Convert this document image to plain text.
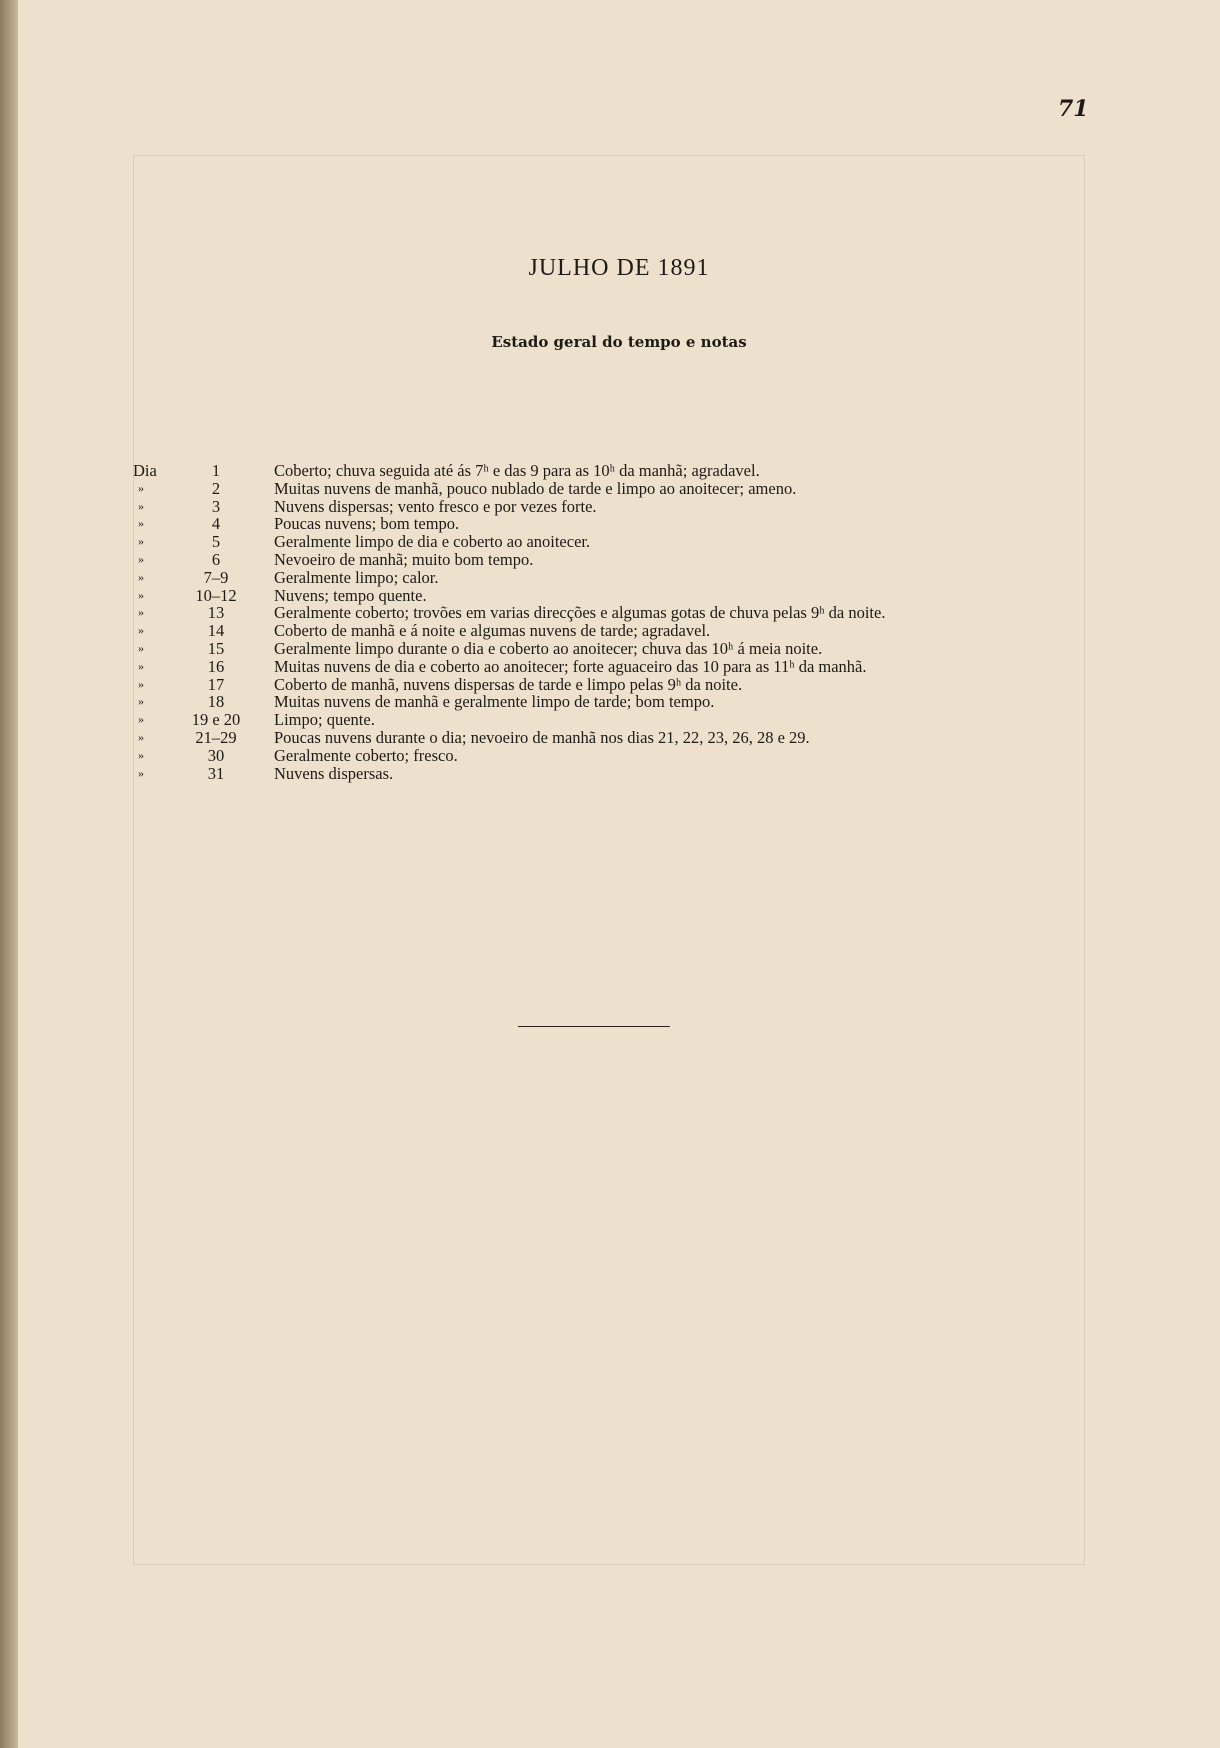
71
JULHO DE 1891
Estado geral do tempo e notas
Dia	1	Coberto; chuva seguida até ás 7ʰ e das 9 para as 10ʰ da manhã; agradavel.
»	2	Muitas nuvens de manhã, pouco nublado de tarde e limpo ao anoitecer; ameno.
»	3	Nuvens dispersas; vento fresco e por vezes forte.
»	4	Poucas nuvens; bom tempo.
»	5	Geralmente limpo de dia e coberto ao anoitecer.
»	6	Nevoeiro de manhã; muito bom tempo.
»	7–9	Geralmente limpo; calor.
»	10–12	Nuvens; tempo quente.
»	13	Geralmente coberto; trovões em varias direcções e algumas gotas de chuva pelas 9ʰ da noite.
»	14	Coberto de manhã e á noite e algumas nuvens de tarde; agradavel.
»	15	Geralmente limpo durante o dia e coberto ao anoitecer; chuva das 10ʰ á meia noite.
»	16	Muitas nuvens de dia e coberto ao anoitecer; forte aguaceiro das 10 para as 11ʰ da manhã.
»	17	Coberto de manhã, nuvens dispersas de tarde e limpo pelas 9ʰ da noite.
»	18	Muitas nuvens de manhã e geralmente limpo de tarde; bom tempo.
»	19 e 20	Limpo; quente.
»	21–29	Poucas nuvens durante o dia; nevoeiro de manhã nos dias 21, 22, 23, 26, 28 e 29.
»	30	Geralmente coberto; fresco.
»	31	Nuvens dispersas.
